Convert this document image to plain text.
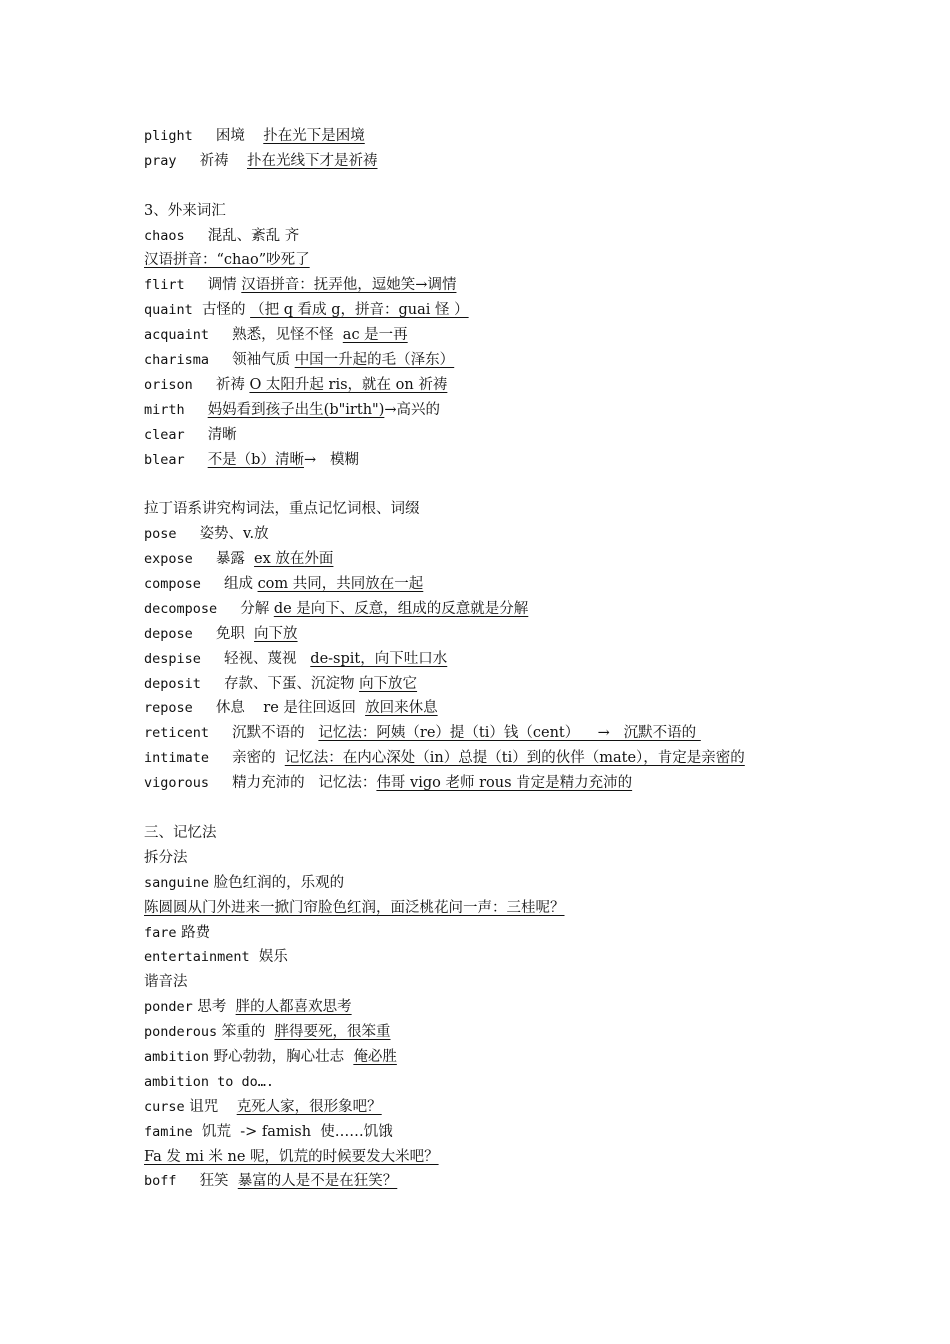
plight 困境 扑在光下是困境
pray 祈祷 扑在光线下才是祈祷
3、外来词汇
chaos 混乱、紊乱 齐
汉语拼音：“chao”吵死了
flirt 调情 汉语拼音：抚弄他，逗她笑→调情
quaint 古怪的 （把 q 看成 g，拼音：guai 怪 ）
acquaint 熟悉，见怪不怪 ac 是一再
charisma 领袖气质 中国一升起的毛（泽东）
orison 祈祷 O 太阳升起 ris，就在 on 祈祷
mirth 妈妈看到孩子出生(b"irth")→高兴的
clear 清晰
blear 不是（b）清晰→   模糊
拉丁语系讲究构词法，重点记忆词根、词缀
pose 姿势、v.放
expose 暴露 ex 放在外面
compose 组成 com 共同，共同放在一起
decompose 分解 de 是向下、反意，组成的反意就是分解
depose 免职 向下放
despise 轻视、蔑视 de-spit，向下吐口水
deposit 存款、下蛋、沉淀物 向下放它
repose 休息 re 是往回返回 放回来休息
reticent 沉默不语的 记忆法：阿姨（re）提（ti）钱（cent）    →   沉默不语的
intimate 亲密的 记忆法：在内心深处（in）总提（ti）到的伙伴（mate），肯定是亲密的
vigorous 精力充沛的 记忆法：伟哥 vigo 老师 rous 肯定是精力充沛的
三、记忆法
拆分法
sanguine 脸色红润的，乐观的
陈圆圆从门外进来一掀门帘脸色红润，面泛桃花问一声：三桂呢？
fare 路费
entertainment 娱乐
谐音法
ponder 思考 胖的人都喜欢思考
ponderous 笨重的 胖得要死，很笨重
ambition 野心勃勃，胸心壮志 俺必胜
ambition to do….
curse 诅咒 克死人家，很形象吧？
famine 饥荒 -> famish  使……饥饿
Fa 发 mi 米 ne 呢，饥荒的时候要发大米吧？
boff 狂笑 暴富的人是不是在狂笑？
